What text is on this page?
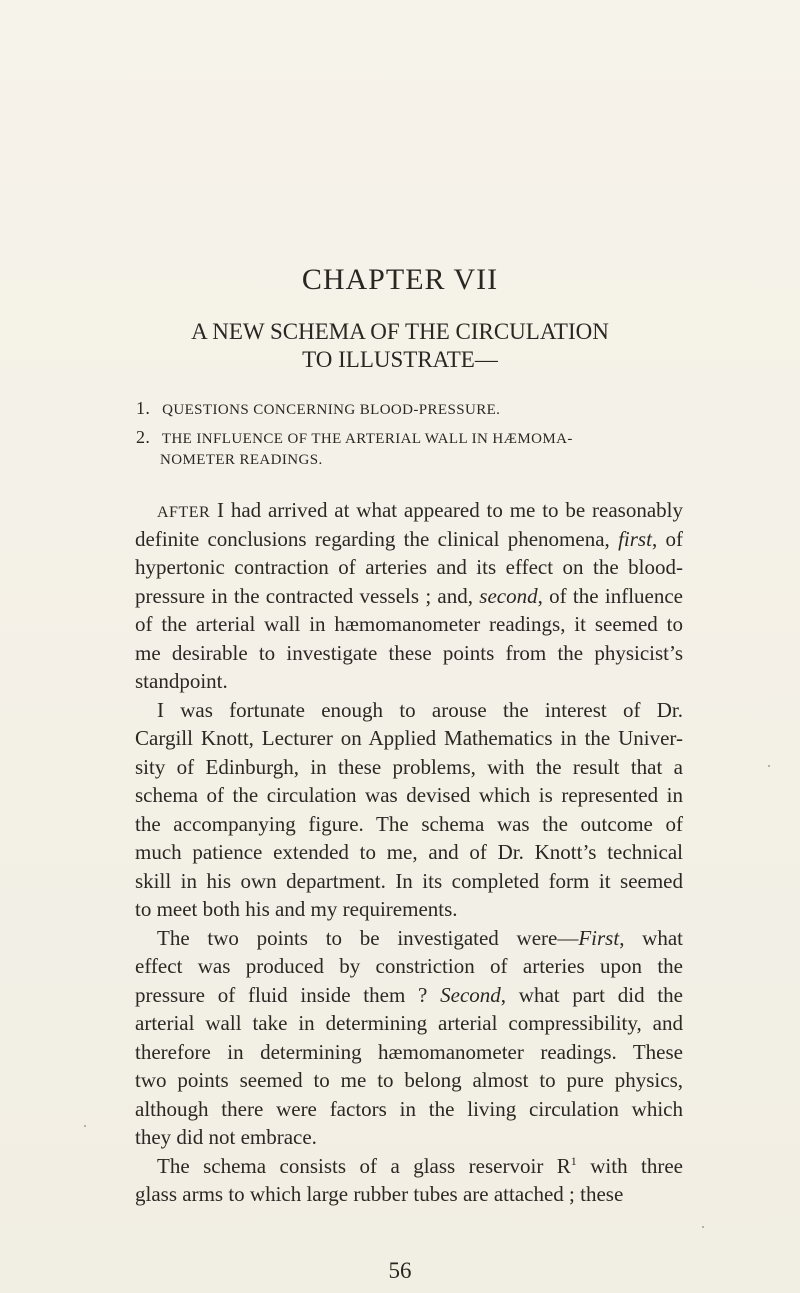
CHAPTER VII
A NEW SCHEMA OF THE CIRCULATION
TO ILLUSTRATE—
1. QUESTIONS CONCERNING BLOOD-PRESSURE.
2. THE INFLUENCE OF THE ARTERIAL WALL IN HÆMOMA-
NOMETER READINGS.
AFTER I had arrived at what appeared to me to be reasonably
definite conclusions regarding the clinical phenomena, first, of
hypertonic contraction of arteries and its effect on the blood-
pressure in the contracted vessels ; and, second, of the influence
of the arterial wall in hæmomanometer readings, it seemed to
me desirable to investigate these points from the physicist’s
standpoint.
I was fortunate enough to arouse the interest of Dr.
Cargill Knott, Lecturer on Applied Mathematics in the Univer-
sity of Edinburgh, in these problems, with the result that a
schema of the circulation was devised which is represented in
the accompanying figure. The schema was the outcome of
much patience extended to me, and of Dr. Knott’s technical
skill in his own department. In its completed form it seemed
to meet both his and my requirements.
The two points to be investigated were—First, what
effect was produced by constriction of arteries upon the
pressure of fluid inside them ? Second, what part did the
arterial wall take in determining arterial compressibility, and
therefore in determining hæmomanometer readings. These
two points seemed to me to belong almost to pure physics,
although there were factors in the living circulation which
they did not embrace.
The schema consists of a glass reservoir $R^1$ with three
glass arms to which large rubber tubes are attached ; these
56
